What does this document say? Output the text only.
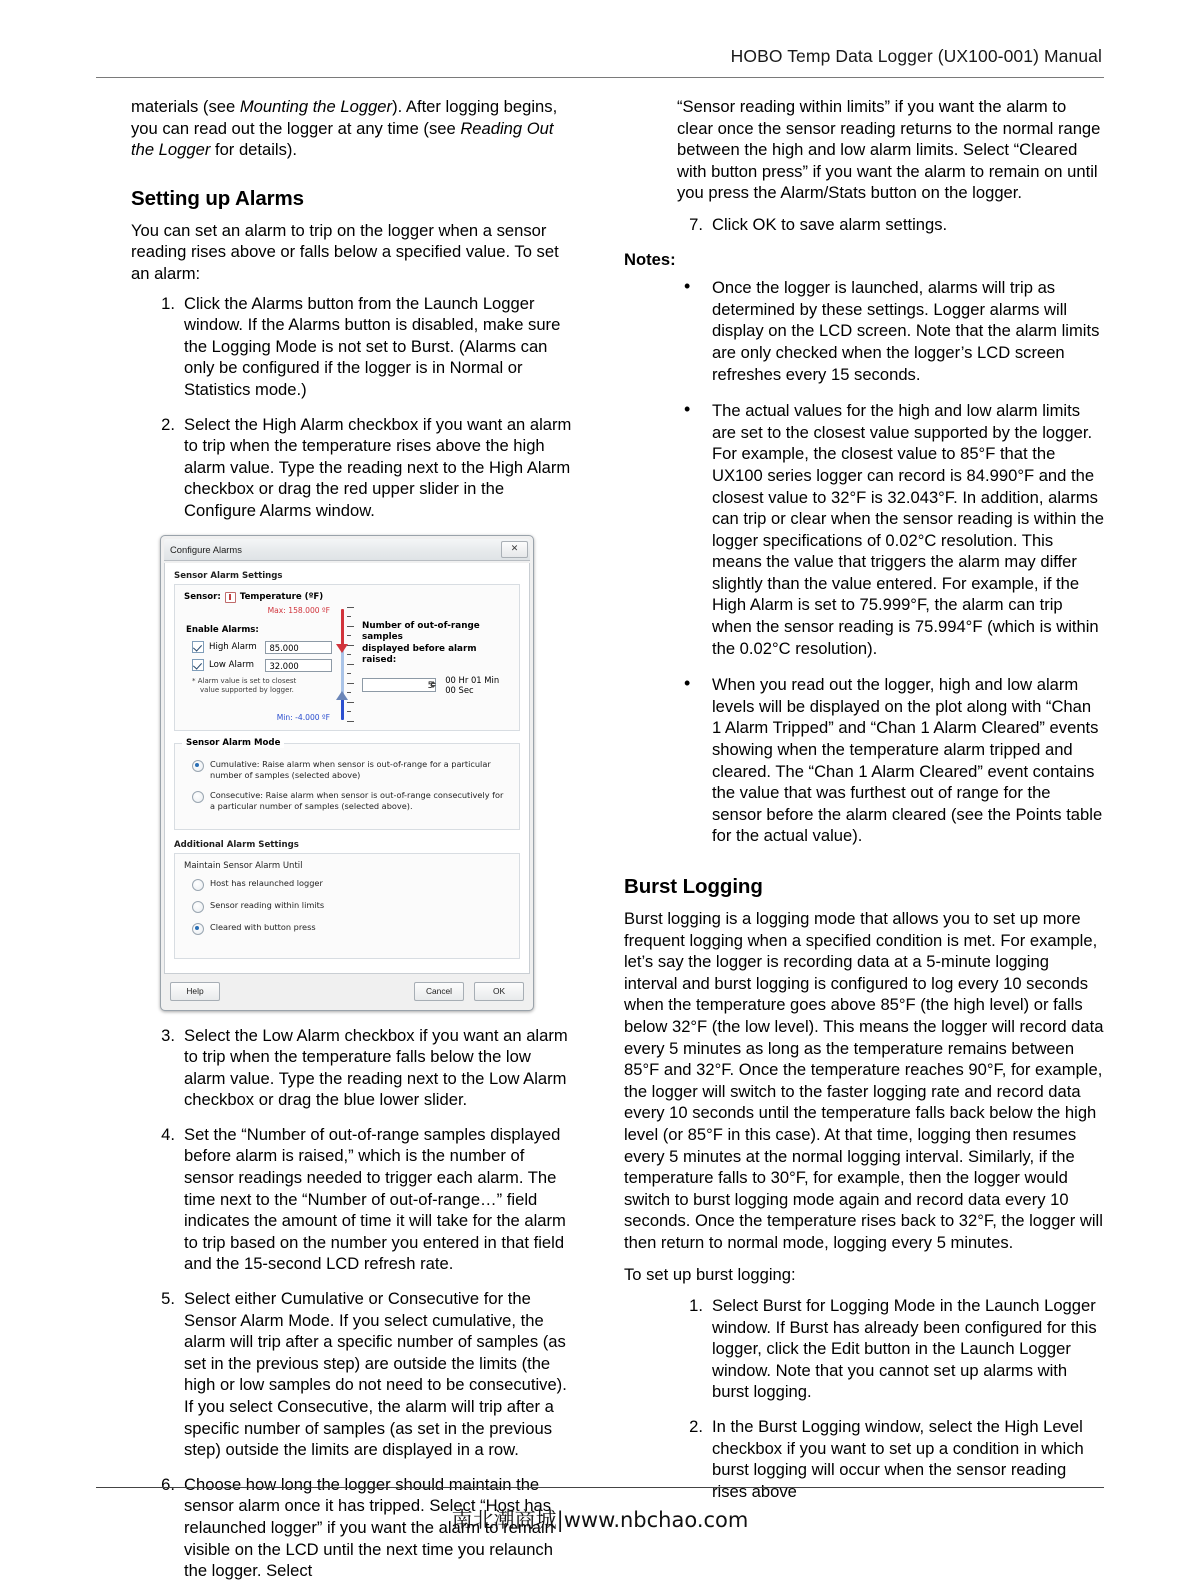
HOBO Temp Data Logger (UX100-001) Manual

materials (see Mounting the Logger). After logging begins, you can read out the logger at any time (see Reading Out the Logger for details).

Setting up Alarms

You can set an alarm to trip on the logger when a sensor reading rises above or falls below a specified value. To set an alarm:

Click the Alarms button from the Launch Logger window. If the Alarms button is disabled, make sure the Logging Mode is not set to Burst. (Alarms can only be configured if the logger is in Normal or Statistics mode.)
Select the High Alarm checkbox if you want an alarm to trip when the temperature rises above the high alarm value. Type the reading next to the High Alarm checkbox or drag the red upper slider in the Configure Alarms window.
Configure Alarms	✕
Sensor Alarm Settings
Sensor: Temperature (ºF)
Max: 158.000 ºF
Enable Alarms:
High Alarm	85.000
Low Alarm	32.000
* Alarm value is set to closest
value supported by logger.
Min: -4.000 ºF
Number of out-of-range samples
displayed before alarm raised:
5	00 Hr 01 Min 00 Sec
Sensor Alarm Mode
Cumulative: Raise alarm when sensor is out-of-range for a particular number of samples (selected above)
Consecutive: Raise alarm when sensor is out-of-range consecutively for a particular number of samples (selected above).
Additional Alarm Settings
Maintain Sensor Alarm Until
Host has relaunched logger
Sensor reading within limits
Cleared with button press
Help	Cancel	OK
Select the Low Alarm checkbox if you want an alarm to trip when the temperature falls below the low alarm value. Type the reading next to the Low Alarm checkbox or drag the blue lower slider.
Set the “Number of out-of-range samples displayed before alarm is raised,” which is the number of sensor readings needed to trigger each alarm. The time next to the “Number of out-of-range…” field indicates the amount of time it will take for the alarm to trip based on the number you entered in that field and the 15-second LCD refresh rate.
Select either Cumulative or Consecutive for the Sensor Alarm Mode. If you select cumulative, the alarm will trip after a specific number of samples (as set in the previous step) are outside the limits (the high or low samples do not need to be consecutive). If you select Consecutive, the alarm will trip after a specific number of samples (as set in the previous step) outside the limits are displayed in a row.
Choose how long the logger should maintain the sensor alarm once it has tripped. Select “Host has relaunched logger” if you want the alarm to remain visible on the LCD until the next time you relaunch the logger. Select

“Sensor reading within limits” if you want the alarm to clear once the sensor reading returns to the normal range between the high and low alarm limits. Select “Cleared with button press” if you want the alarm to remain on until you press the Alarm/Stats button on the logger.

Click OK to save alarm settings.
Notes:
• Once the logger is launched, alarms will trip as determined by these settings. Logger alarms will display on the LCD screen. Note that the alarm limits are only checked when the logger’s LCD screen refreshes every 15 seconds.
• The actual values for the high and low alarm limits are set to the closest value supported by the logger. For example, the closest value to 85°F that the UX100 series logger can record is 84.990°F and the closest value to 32°F is 32.043°F. In addition, alarms can trip or clear when the sensor reading is within the logger specifications of 0.02°C resolution. This means the value that triggers the alarm may differ slightly than the value entered. For example, if the High Alarm is set to 75.999°F, the alarm can trip when the sensor reading is 75.994°F (which is within the 0.02°C resolution).
• When you read out the logger, high and low alarm levels will be displayed on the plot along with “Chan 1 Alarm Tripped” and “Chan 1 Alarm Cleared” events showing when the temperature alarm tripped and cleared. The “Chan 1 Alarm Cleared” event contains the value that was furthest out of range for the sensor before the alarm cleared (see the Points table for the actual value).
Burst Logging

Burst logging is a logging mode that allows you to set up more frequent logging when a specified condition is met. For example, let’s say the logger is recording data at a 5-minute logging interval and burst logging is configured to log every 10 seconds when the temperature goes above 85°F (the high level) or falls below 32°F (the low level). This means the logger will record data every 5 minutes as long as the temperature remains between 85°F and 32°F. Once the temperature reaches 90°F, for example, the logger will switch to the faster logging rate and record data every 10 seconds until the temperature falls back below the high level (or 85°F in this case). At that time, logging then resumes every 5 minutes at the normal logging interval. Similarly, if the temperature falls to 30°F, for example, then the logger would switch to burst logging mode again and record data every 10 seconds. Once the temperature rises back to 32°F, the logger will then return to normal mode, logging every 5 minutes.

To set up burst logging:

Select Burst for Logging Mode in the Launch Logger window. If Burst has already been configured for this logger, click the Edit button in the Launch Logger window. Note that you cannot set up alarms with burst logging.
In the Burst Logging window, select the High Level checkbox if you want to set up a condition in which burst logging will occur when the sensor reading rises above
南北潮商城|www.nbchao.com
